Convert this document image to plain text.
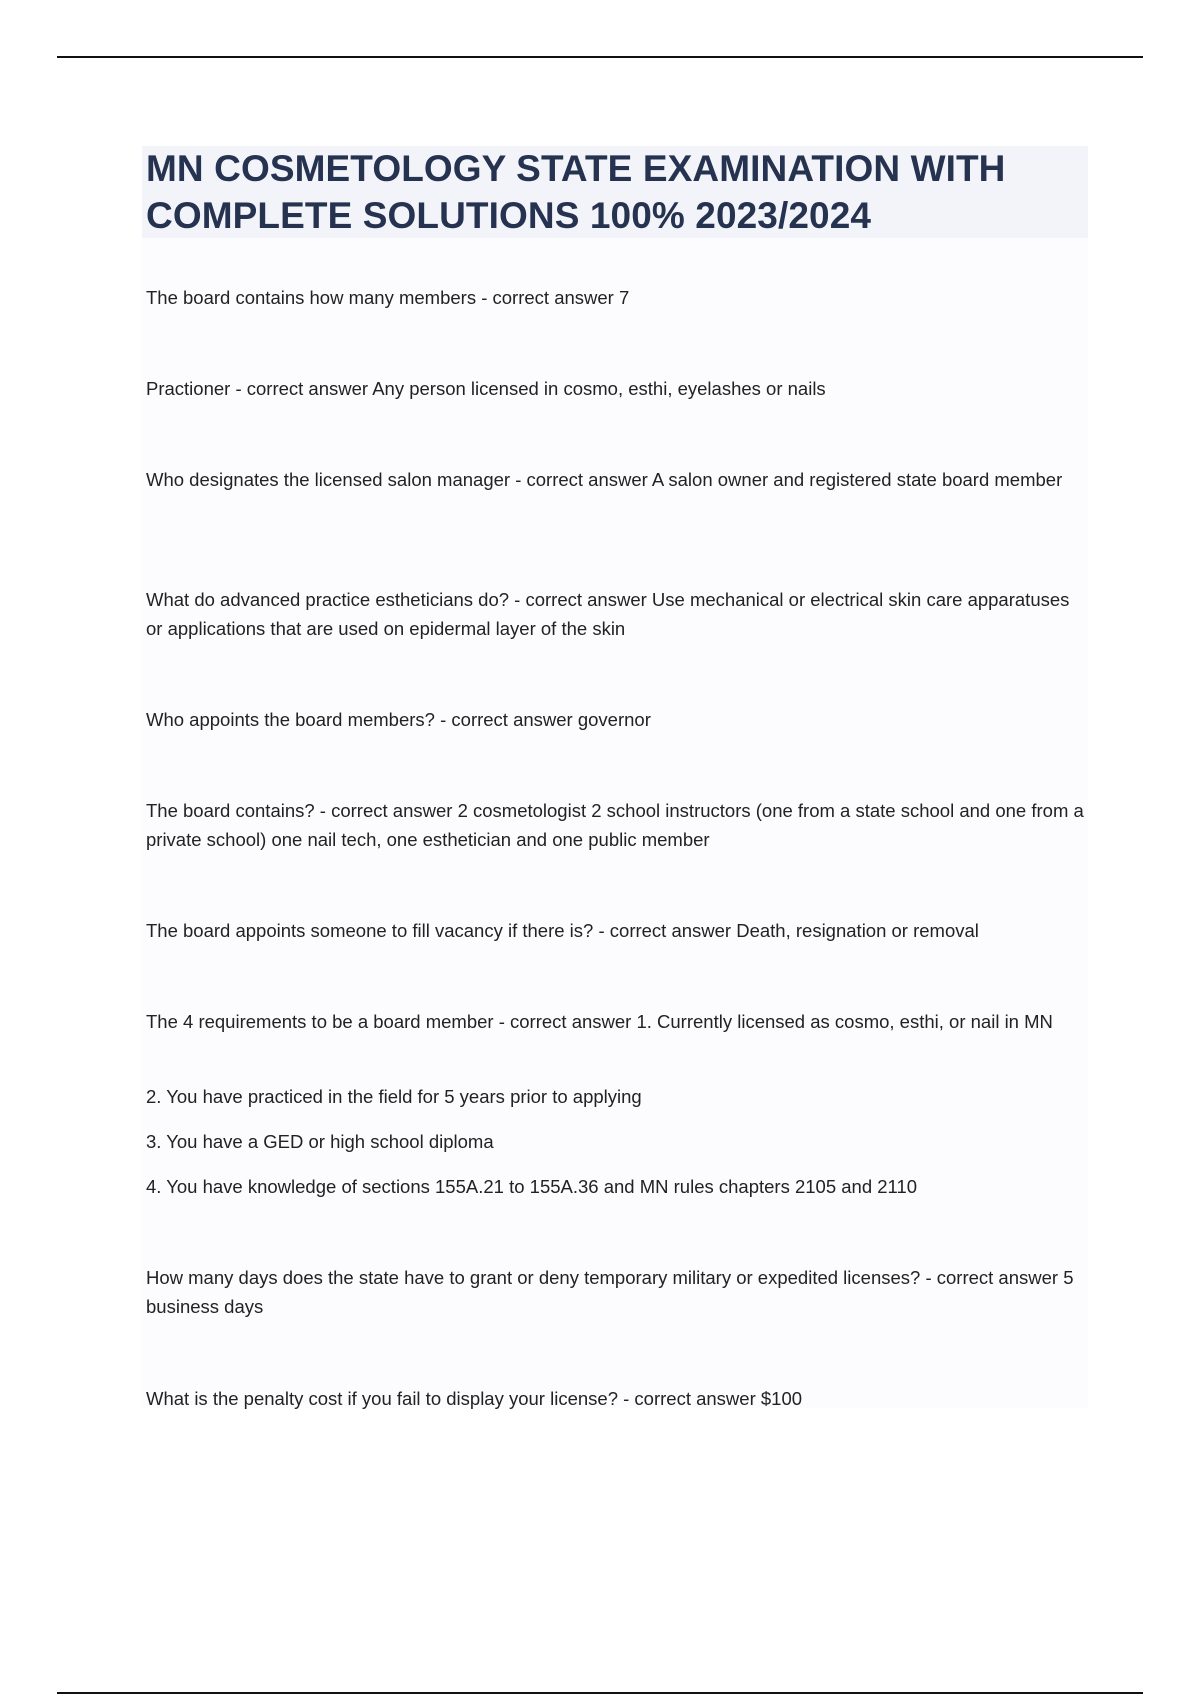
MN COSMETOLOGY STATE EXAMINATION WITH COMPLETE SOLUTIONS 100% 2023/2024

The board contains how many members - correct answer 7

Practioner - correct answer Any person licensed in cosmo, esthi, eyelashes or nails

Who designates the licensed salon manager - correct answer A salon owner and registered state board member

What do advanced practice estheticians do? - correct answer Use mechanical or electrical skin care apparatuses or applications that are used on epidermal layer of the skin

Who appoints the board members? - correct answer governor

The board contains? - correct answer 2 cosmetologist 2 school instructors (one from a state school and one from a private school) one nail tech, one esthetician and one public member

The board appoints someone to fill vacancy if there is? - correct answer Death, resignation or removal

The 4 requirements to be a board member - correct answer 1. Currently licensed as cosmo, esthi, or nail in MN

2. You have practiced in the field for 5 years prior to applying

3. You have a GED or high school diploma

4. You have knowledge of sections 155A.21 to 155A.36 and MN rules chapters 2105 and 2110

How many days does the state have to grant or deny temporary military or expedited licenses? - correct answer 5 business days

What is the penalty cost if you fail to display your license? - correct answer $100
